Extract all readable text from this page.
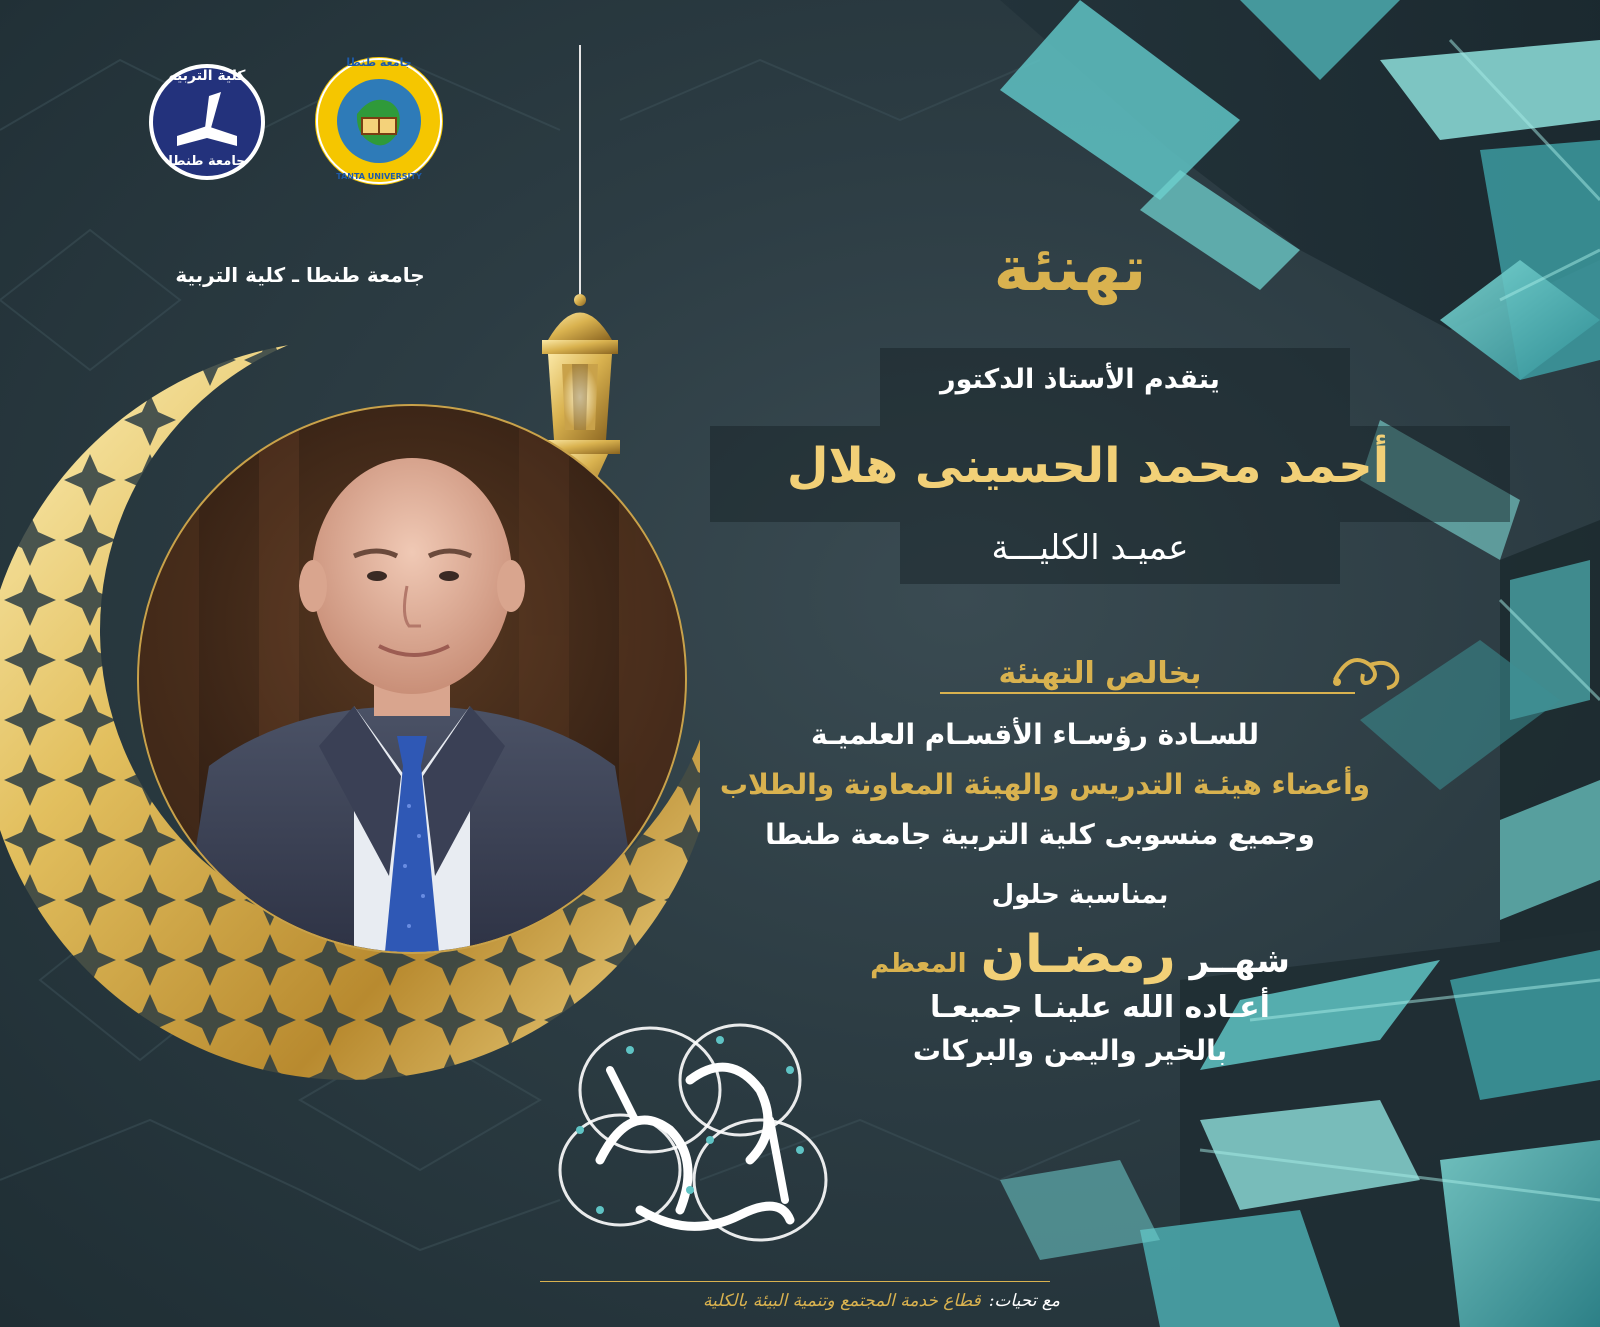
كلية التربيه
جامعة طنطا
جامعة طنطا
TANTA UNIVERSITY
جامعة طنطا ـ كلية التربية	تهنئة
يتقدم الأستاذ الدكتور
أحمد محمد الحسينى هلال
عميـد الكليـــة
بخالص التهنئة
للسـادة رؤسـاء الأقسـام العلميـة
وأعضاء هيئـة التدريس والهيئة المعاونة والطلاب
وجميع منسوبى كلية التربية جامعة طنطا
بمناسبة حلول
شهــر
رمضـان
المعظم
أعـاده الله علينـا جميعـا
بالخير واليمن والبركات
مع تحيات:
قطاع خدمة المجتمع وتنمية البيئة بالكلية
